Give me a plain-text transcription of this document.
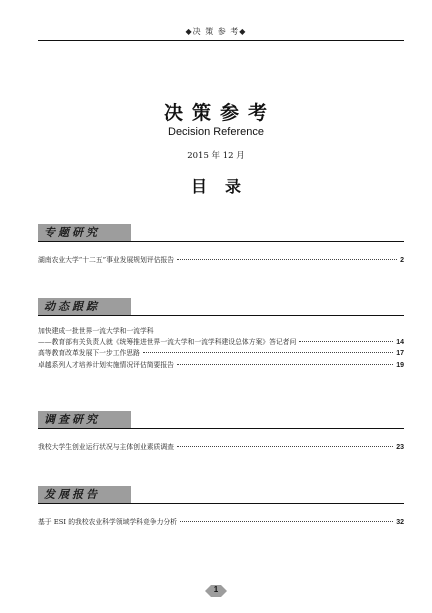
◆决 策 参 考◆
决策参考
Decision Reference
2015 年 12 月
目录
专题研究
湖南农业大学“十二五”事业发展规划评估报告	2
动态跟踪
加快建成一批世界一流大学和一流学科
——教育部有关负责人就《统筹推进世界一流大学和一流学科建设总体方案》答记者问	14
高等教育改革发展下一步工作思路	17
卓越系列人才培养计划实施情况评估简要报告	19
调查研究
我校大学生创业运行状况与主体创业素质调查	23
发展报告
基于 ESI 的我校农业科学领域学科竞争力分析	32
1
